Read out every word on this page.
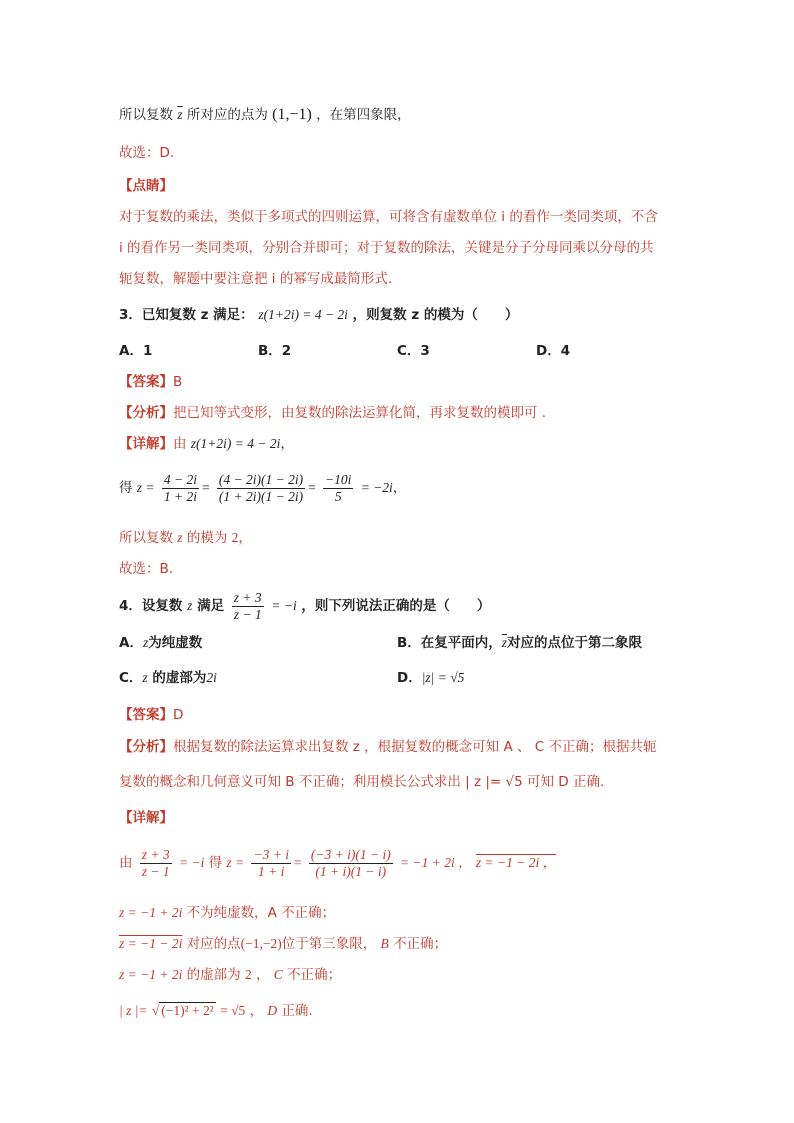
所以复数 $\overline{z}$ 所对应的点为 (1,−1) ，在第四象限，
故选：D.
【点睛】
对于复数的乘法，类似于多项式的四则运算，可将含有虚数单位 i 的看作一类同类项，不含
i 的看作另一类同类项，分别合并即可；对于复数的除法，关键是分子分母同乘以分母的共
轭复数，解题中要注意把 i 的幂写成最简形式.
3．已知复数 z 满足： z(1+2i) = 4 − 2i ，则复数 z 的模为（　　）
A．1	B．2	C．3	D．4
【答案】B
【分析】把已知等式变形，由复数的除法运算化简，再求复数的模即可 .
【详解】由 z(1+2i) = 4 − 2i，
得 $z = \frac{4 - 2i}{1 + 2i} = \frac{(4 - 2i)(1 - 2i)}{(1 + 2i)(1 - 2i)} = \frac{-10i}{5} = -2i$，
所以复数 z 的模为 2，
故选：B.
4．设复数 z 满足 $\frac{z + 3}{z - 1} = -i$ ，则下列说法正确的是（　　）
A．z为纯虚数	B．在复平面内，$\overline{z}$对应的点位于第二象限
C．z 的虚部为2i	D．|z| = √5
【答案】D
【分析】根据复数的除法运算求出复数 z ，根据复数的概念可知 A 、 C 不正确；根据共轭
复数的概念和几何意义可知 B 不正确；利用模长公式求出 | z |= √5 可知 D 正确.
【详解】
由 $\frac{z + 3}{z - 1} = -i$ 得 $z = \frac{-3 + i}{1 + i} = \frac{(-3 + i)(1 - i)}{(1 + i)(1 - i)} = -1 + 2i$ ， z = −1 − 2i ，
z = −1 + 2i 不为纯虚数，A 不正确；
z = −1 − 2i 对应的点(−1,−2)位于第三象限， B 不正确；
z = −1 + 2i 的虚部为 2 ， C 不正确；
| z |= √ (−1)² + 2² = √5 ， D 正确.
